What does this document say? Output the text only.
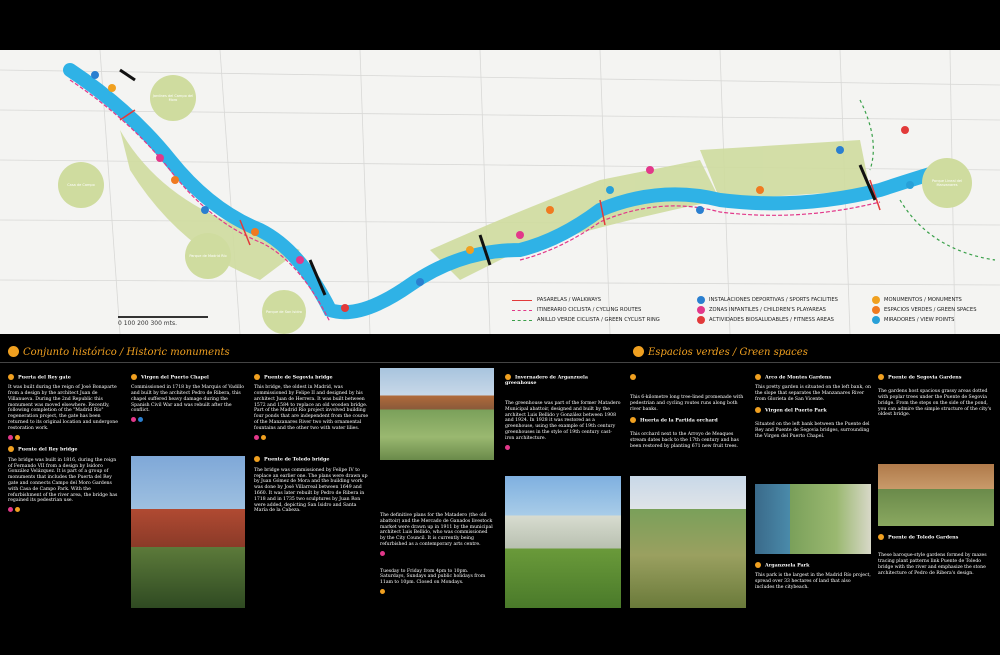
Jardines del Campo del Moro
Casa de Campo
Parque de Madrid Río
Parque de San Isidro
Parque Lineal del Manzanares
0 100 200 300 mts.
PASARELAS / WALKWAYS
ITINERARIO CICLISTA / CYCLING ROUTES
ANILLO VERDE CICLISTA / GREEN CYCLIST RING
INSTALACIONES DEPORTIVAS / SPORTS FACILITIES
ZONAS INFANTILES / CHILDREN'S PLAYAREAS
ACTIVIDADES BIOSALUDABLES / FITNESS AREAS
MONUMENTOS / MONUMENTS
ESPACIOS VERDES / GREEN SPACES
MIRADORES / VIEW POINTS
Conjunto histórico / Historic monuments	Espacios verdes / Green spaces
Puerta del Rey gate

It was built during the reign of José Bonaparte from a design by the architect Juan de Villanueva. During the 2nd Republic this monument was moved elsewhere. Recently, following completion of the "Madrid Río" regeneration project, the gate has been returned to its original location and undergone restoration work.

Puente del Rey bridge

The bridge was built in 1816, during the reign of Fernando VII from a design by Isidoro González Velázquez. It is part of a group of monuments that includes the Puerta del Rey gate and connects Campo del Moro Gardens with Casa de Campo Park. With the refurbishment of the river area, the bridge has regained its pedestrian use.

Virgen del Puerto Chapel

Commissioned in 1718 by the Marquis of Vadillo and built by the architect Pedro de Ribera, this chapel suffered heavy damage during the Spanish Civil War and was rebuilt after the conflict.

Puente de Segovia bridge

This bridge, the oldest in Madrid, was commissioned by Felipe II and designed by his architect Juan de Herrera. It was built between 1572 and 1584 to replace an old wooden bridge. Part of the Madrid Río project involved building four ponds that are independent from the course of the Manzanares River two with ornamental fountains and the other two with water lilies.

Puente de Toledo bridge

The bridge was commissioned by Felipe IV to replace an earlier one. The plans were drawn up by Juan Gómez de Mora and the building work was done by José Villarreal between 1649 and 1660. It was later rebuilt by Pedro de Ribera in 1718 and in 1735 two sculptures by Juan Ron were added, depicting San Isidro and Santa María de la Cabeza.

The definitive plans for the Matadero (the old abattoir) and the Mercado de Ganados livestock market were drawn up in 1911 by the municipal architect Luis Bellido, who was commissioned by the City Council. It is currently being refurbished as a contemporary arts centre.

Tuesday to Friday from 4pm to 10pm. Saturdays, Sundays and public holidays from 11am to 10pm. Closed on Mondays.

Invernadero de Arganzuela greenhouse

The greenhouse was part of the former Matadero Municipal abattoir, designed and built by the architect Luis Bellido y González between 1908 and 1924. In 1928 it was restored as a greenhouse, using the example of 19th century greenhouses in the style of 19th century cast-iron architecture.

This 6-kilometre long tree-lined promenade with pedestrian and cycling routes runs along both river banks.

Huerta de la Partida orchard

This orchard next to the Arroyo de Meaques stream dates back to the 17th century and has been restored by planting 671 new fruit trees.

Arco de Montes Gardens

This pretty garden is situated on the left bank, on the slope that separates the Manzanares River from Glorieta de San Vicente.

Virgen del Puerto Park

Situated on the left bank between the Puente del Rey and Puente de Segovia bridges, surrounding the Virgen del Puerto Chapel.

Arganzuela Park

This park is the largest in the Madrid Río project, spread over 33 hectares of land that also includes the citybeach.

Puente de Segovia Gardens

The gardens host spacious grassy areas dotted with poplar trees under the Puente de Segovia bridge. From the steps on the side of the pond, you can admire the simple structure of the city's oldest bridge.

Puente de Toledo Gardens

These baroque-style gardens formed by mazes tracing plant patterns link Puente de Toledo bridge with the river and emphasize the stone architecture of Pedro de Ribera's design.
